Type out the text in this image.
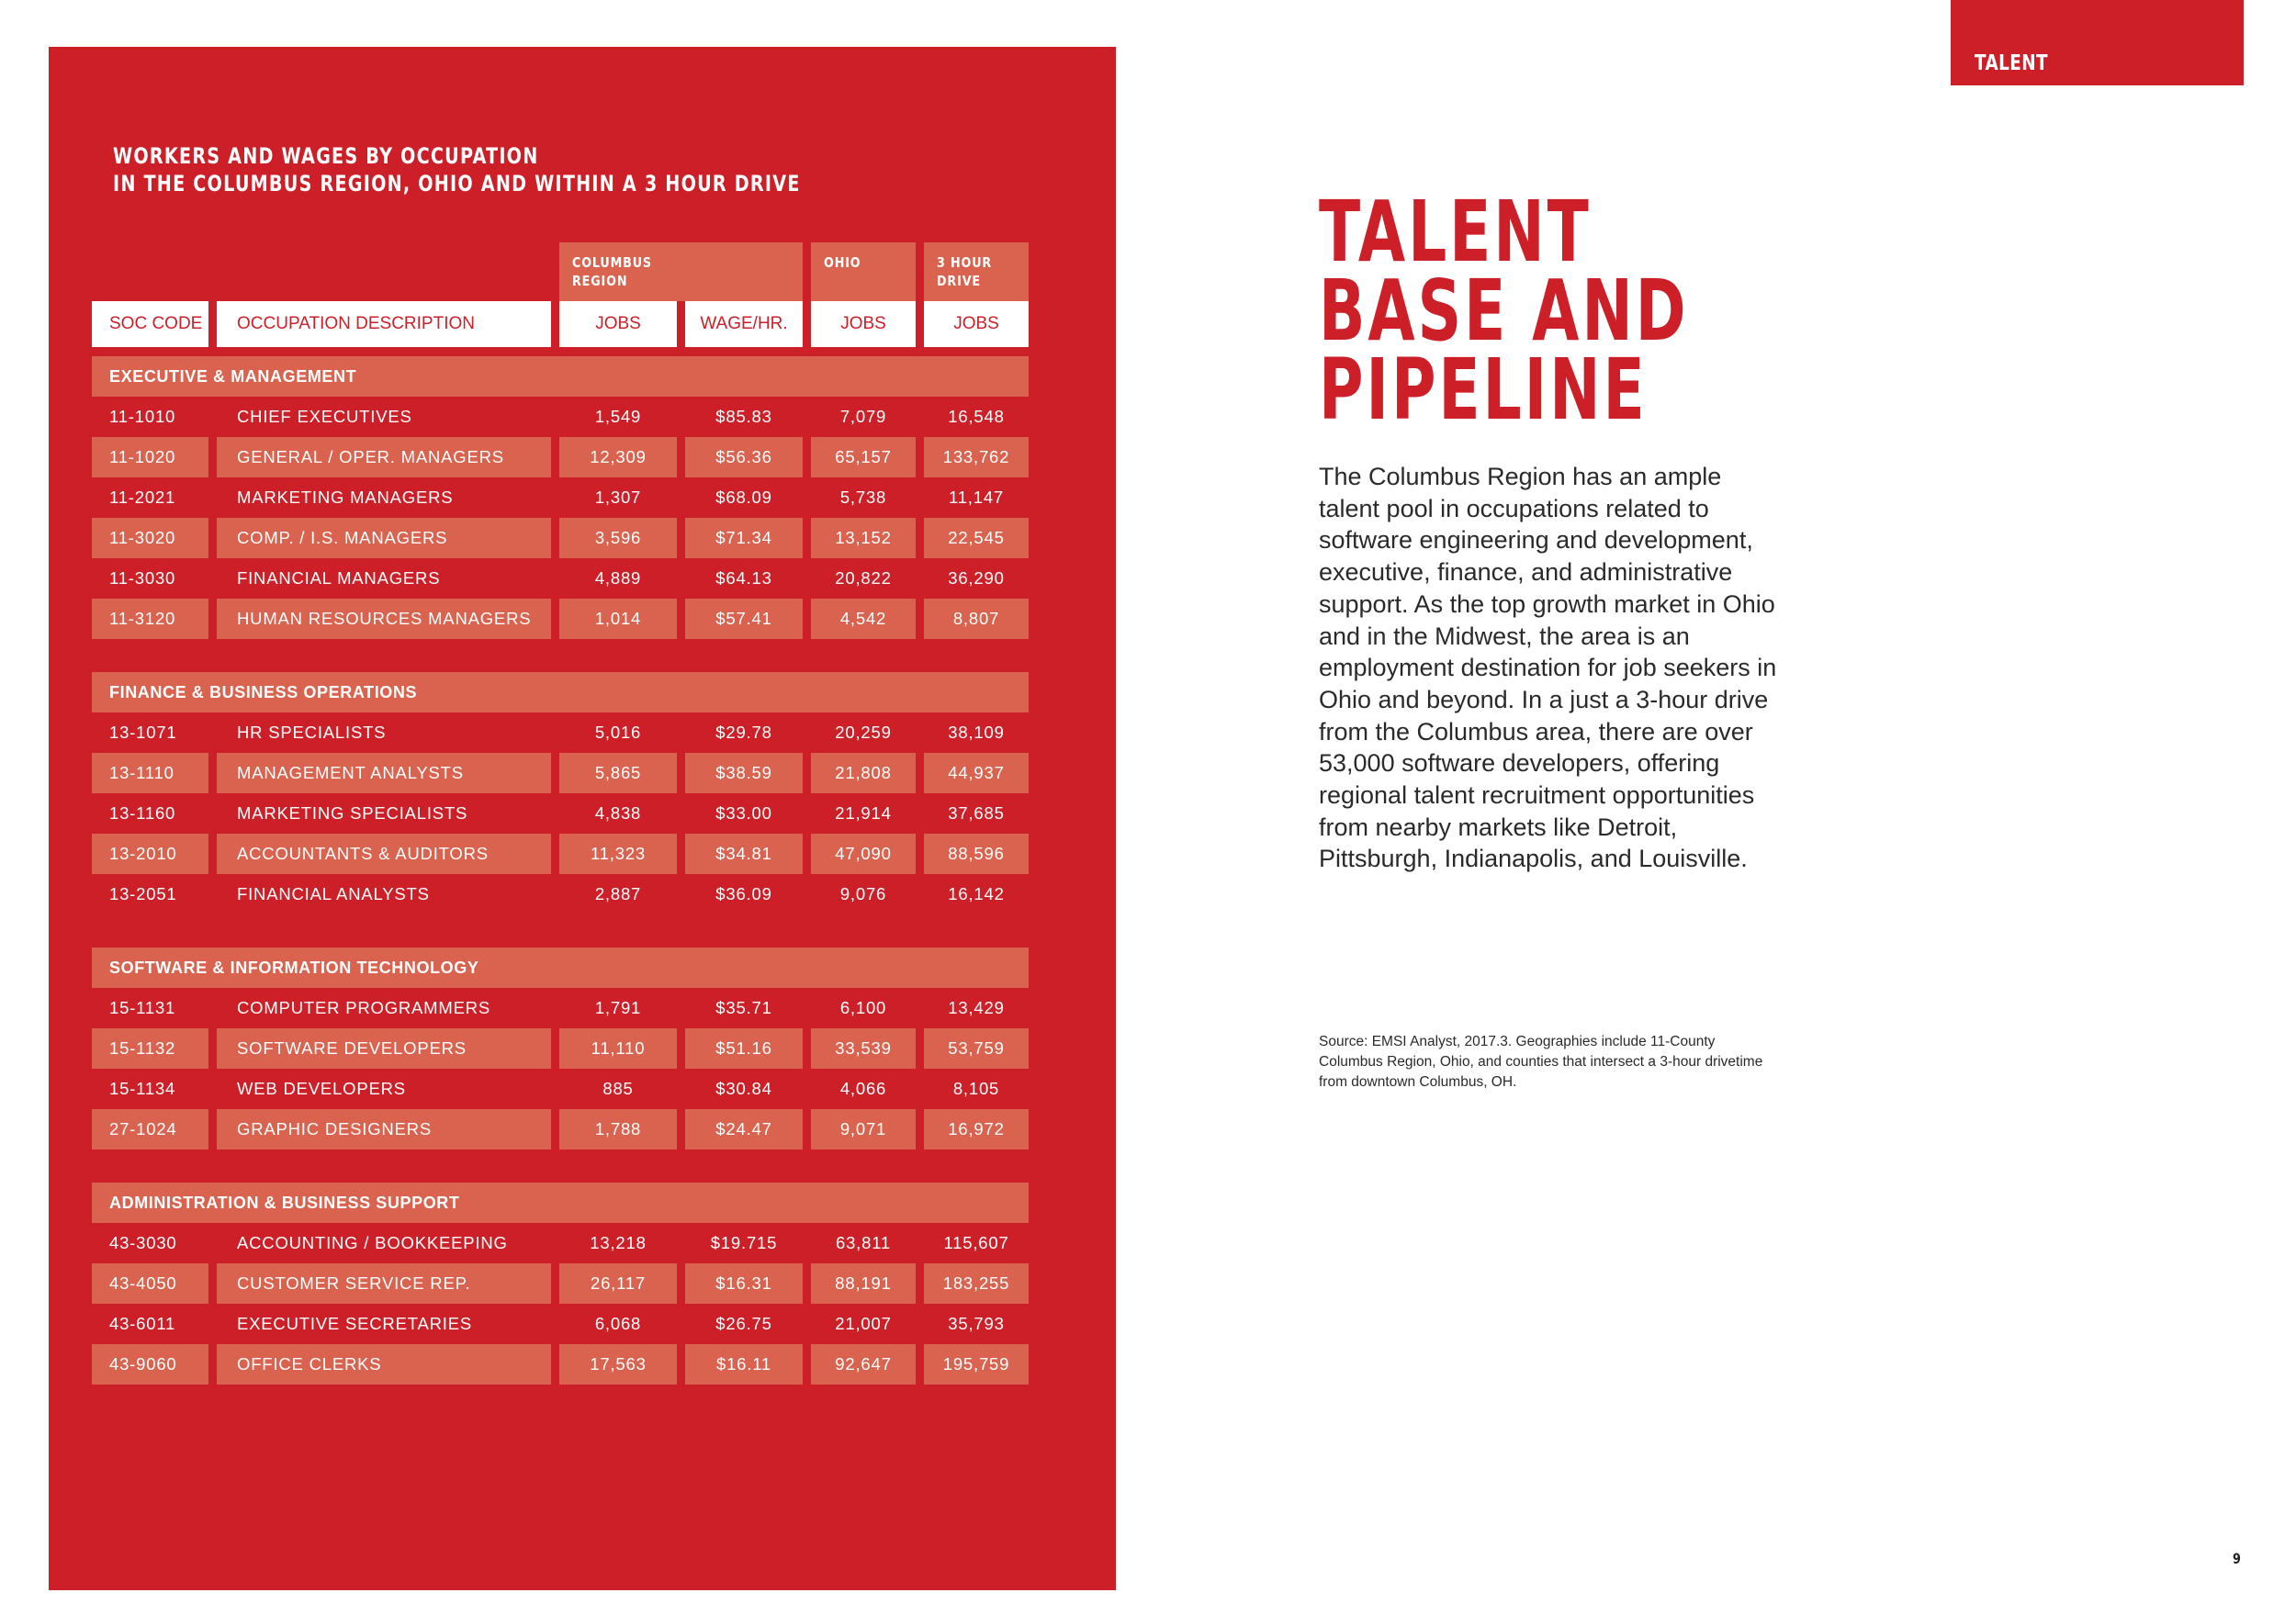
TALENT
WORKERS AND WAGES BY OCCUPATION
IN THE COLUMBUS REGION, OHIO AND WITHIN A 3 HOUR DRIVE
COLUMBUS
REGION
OHIO	3 HOUR
DRIVE
SOC CODE	OCCUPATION DESCRIPTION	JOBS	WAGE/HR.	JOBS	JOBS
EXECUTIVE & MANAGEMENT
11-1010	CHIEF EXECUTIVES	1,549	$85.83	7,079	16,548
11-1020	GENERAL / OPER. MANAGERS	12,309	$56.36	65,157	133,762
11-2021	MARKETING MANAGERS	1,307	$68.09	5,738	11,147
11-3020	COMP. / I.S. MANAGERS	3,596	$71.34	13,152	22,545
11-3030	FINANCIAL MANAGERS	4,889	$64.13	20,822	36,290
11-3120	HUMAN RESOURCES MANAGERS	1,014	$57.41	4,542	8,807
FINANCE & BUSINESS OPERATIONS
13-1071	HR SPECIALISTS	5,016	$29.78	20,259	38,109
13-1110	MANAGEMENT ANALYSTS	5,865	$38.59	21,808	44,937
13-1160	MARKETING SPECIALISTS	4,838	$33.00	21,914	37,685
13-2010	ACCOUNTANTS & AUDITORS	11,323	$34.81	47,090	88,596
13-2051	FINANCIAL ANALYSTS	2,887	$36.09	9,076	16,142
SOFTWARE & INFORMATION TECHNOLOGY
15-1131	COMPUTER PROGRAMMERS	1,791	$35.71	6,100	13,429
15-1132	SOFTWARE DEVELOPERS	11,110	$51.16	33,539	53,759
15-1134	WEB DEVELOPERS	885	$30.84	4,066	8,105
27-1024	GRAPHIC DESIGNERS	1,788	$24.47	9,071	16,972
ADMINISTRATION & BUSINESS SUPPORT
43-3030	ACCOUNTING / BOOKKEEPING	13,218	$19.715	63,811	115,607
43-4050	CUSTOMER SERVICE REP.	26,117	$16.31	88,191	183,255
43-6011	EXECUTIVE SECRETARIES	6,068	$26.75	21,007	35,793
43-9060	OFFICE CLERKS	17,563	$16.11	92,647	195,759
TALENT
BASE AND
PIPELINE
The Columbus Region has an ample talent pool in occupations related to software engineering and development, executive, finance, and administrative support. As the top growth market in Ohio and in the Midwest, the area is an employment destination for job seekers in Ohio and beyond. In a just a 3-hour drive from the Columbus area, there are over 53,000 software developers, offering regional talent recruitment opportunities from nearby markets like Detroit, Pittsburgh, Indianapolis, and Louisville.
Source: EMSI Analyst, 2017.3. Geographies include 11-County Columbus Region, Ohio, and counties that intersect a 3-hour drivetime from downtown Columbus, OH.
9
